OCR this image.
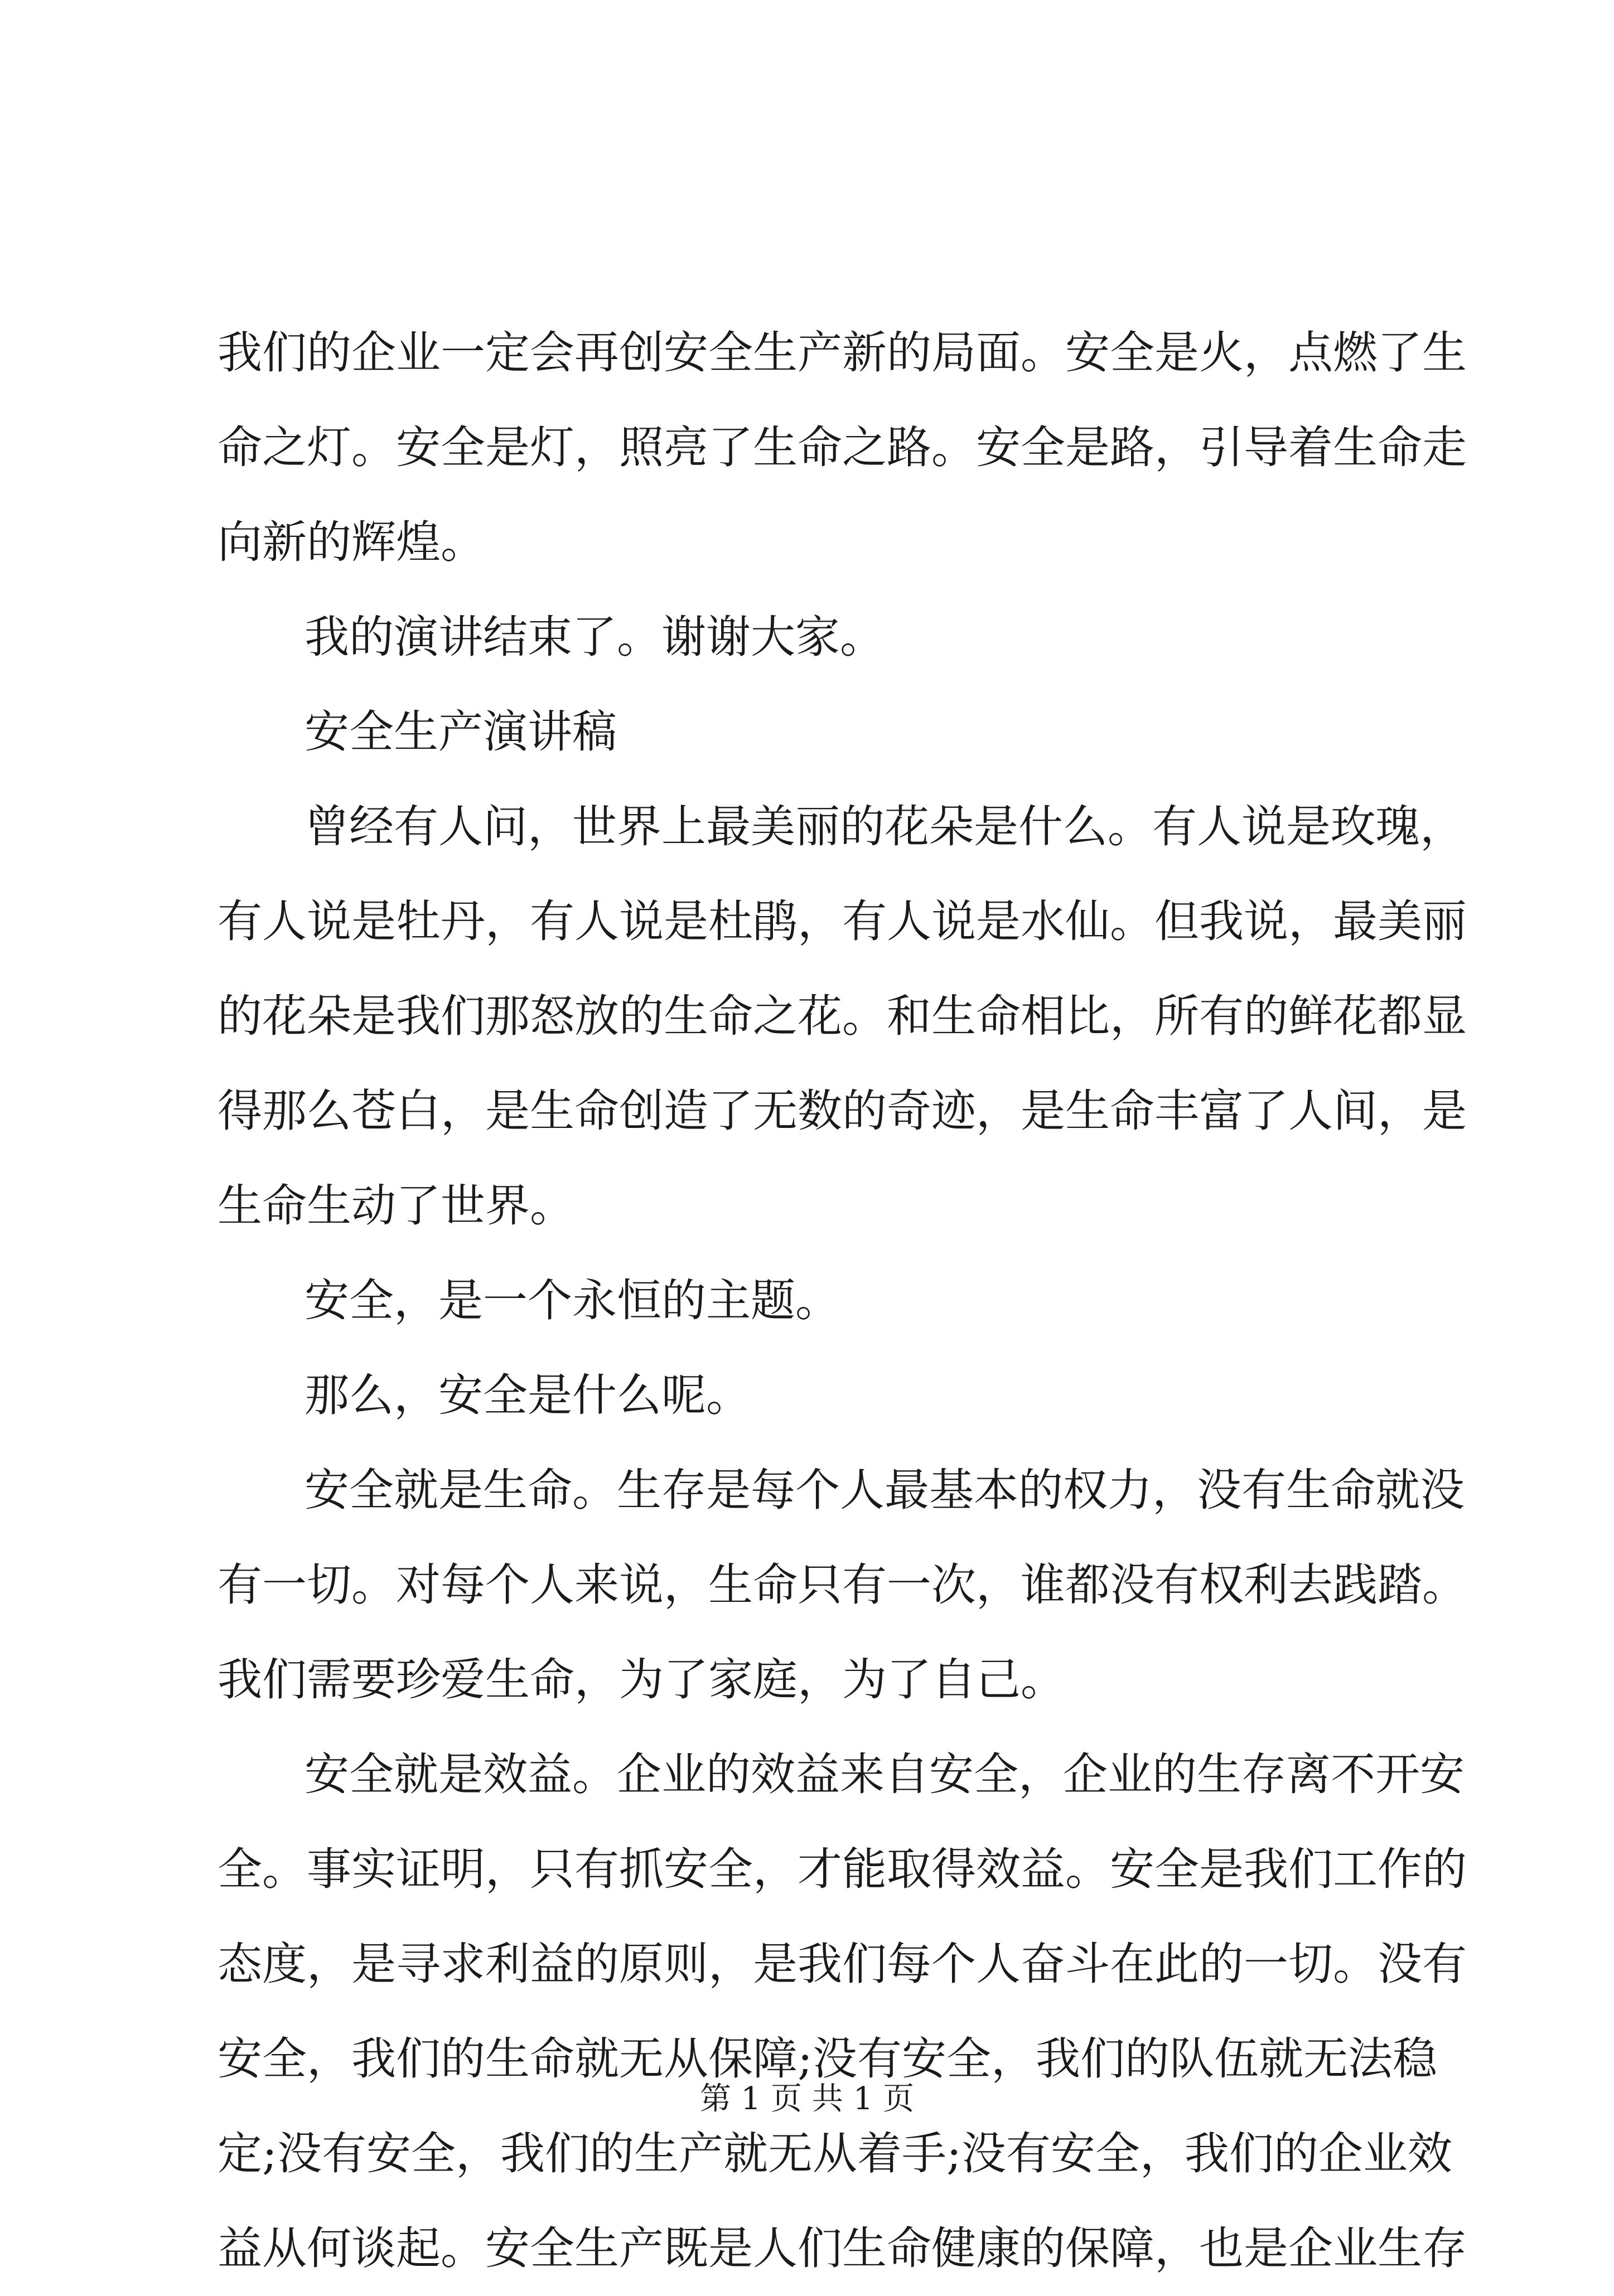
我们的企业一定会再创安全生产新的局面。安全是火，点燃了生
命之灯。安全是灯，照亮了生命之路。安全是路，引导着生命走
向新的辉煌。
我的演讲结束了。谢谢大家。
安全生产演讲稿
曾经有人问，世界上最美丽的花朵是什么。有人说是玫瑰，
有人说是牡丹，有人说是杜鹃，有人说是水仙。但我说，最美丽
的花朵是我们那怒放的生命之花。和生命相比，所有的鲜花都显
得那么苍白，是生命创造了无数的奇迹，是生命丰富了人间，是
生命生动了世界。
安全，是一个永恒的主题。
那么，安全是什么呢。
安全就是生命。生存是每个人最基本的权力，没有生命就没
有一切。对每个人来说，生命只有一次，谁都没有权利去践踏。
我们需要珍爱生命，为了家庭，为了自己。
安全就是效益。企业的效益来自安全，企业的生存离不开安
全。事实证明，只有抓安全，才能取得效益。安全是我们工作的
态度，是寻求利益的原则，是我们每个人奋斗在此的一切。没有
安全，我们的生命就无从保障;没有安全，我们的队伍就无法稳
定;没有安全，我们的生产就无从着手;没有安全，我们的企业效
益从何谈起。安全生产既是人们生命健康的保障，也是企业生存
第 1 页 共 1 页
